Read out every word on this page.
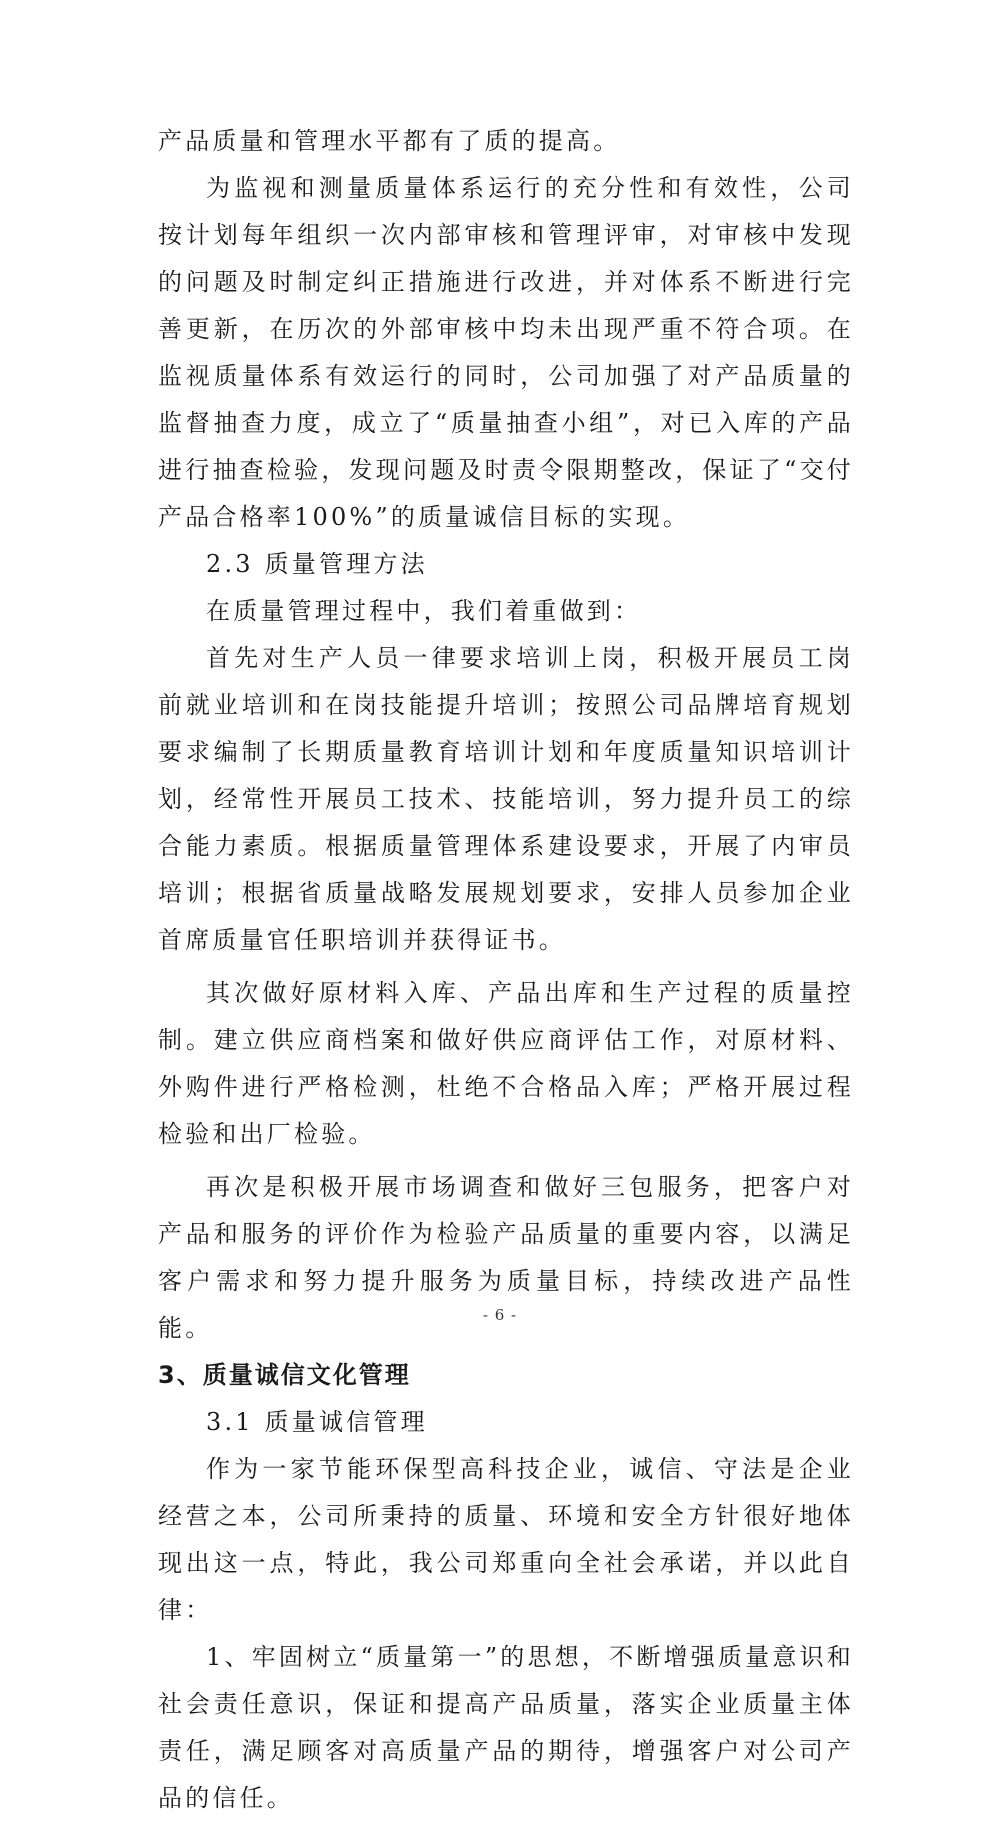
产品质量和管理水平都有了质的提高。

为监视和测量质量体系运行的充分性和有效性，公司按计划每年组织一次内部审核和管理评审，对审核中发现的问题及时制定纠正措施进行改进，并对体系不断进行完善更新，在历次的外部审核中均未出现严重不符合项。在监视质量体系有效运行的同时，公司加强了对产品质量的监督抽查力度，成立了“质量抽查小组”，对已入库的产品进行抽查检验，发现问题及时责令限期整改，保证了“交付产品合格率100%”的质量诚信目标的实现。

2.3 质量管理方法

在质量管理过程中，我们着重做到：

首先对生产人员一律要求培训上岗，积极开展员工岗前就业培训和在岗技能提升培训；按照公司品牌培育规划要求编制了长期质量教育培训计划和年度质量知识培训计划，经常性开展员工技术、技能培训，努力提升员工的综合能力素质。根据质量管理体系建设要求，开展了内审员培训；根据省质量战略发展规划要求，安排人员参加企业首席质量官任职培训并获得证书。

其次做好原材料入库、产品出库和生产过程的质量控制。建立供应商档案和做好供应商评估工作，对原材料、外购件进行严格检测，杜绝不合格品入库；严格开展过程检验和出厂检验。

再次是积极开展市场调查和做好三包服务，把客户对产品和服务的评价作为检验产品质量的重要内容，以满足客户需求和努力提升服务为质量目标，持续改进产品性能。

3、质量诚信文化管理

3.1 质量诚信管理

作为一家节能环保型高科技企业，诚信、守法是企业经营之本，公司所秉持的质量、环境和安全方针很好地体现出这一点，特此，我公司郑重向全社会承诺，并以此自律：

1、牢固树立“质量第一”的思想，不断增强质量意识和社会责任意识，保证和提高产品质量，落实企业质量主体责任，满足顾客对高质量产品的期待，增强客户对公司产品的信任。

- 6 -
